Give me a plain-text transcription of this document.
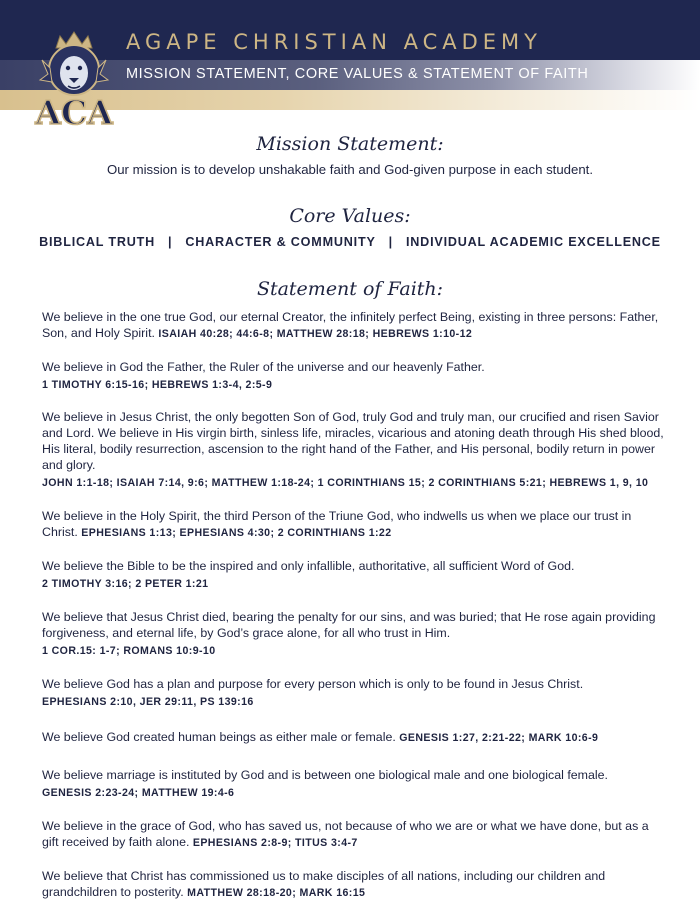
ACA
AGAPE CHRISTIAN ACADEMY
MISSION STATEMENT, CORE VALUES & STATEMENT OF FAITH
Mission Statement:

Our mission is to develop unshakable faith and God-given purpose in each student.

Core Values:
BIBLICAL TRUTH | CHARACTER & COMMUNITY | INDIVIDUAL ACADEMIC EXCELLENCE
Statement of Faith:

We believe in the one true God, our eternal Creator, the infinitely perfect Being, existing in three persons: Father, Son, and Holy Spirit. ISAIAH 40:28; 44:6-8; MATTHEW 28:18; HEBREWS 1:10-12

We believe in God the Father, the Ruler of the universe and our heavenly Father.
1 TIMOTHY 6:15-16; HEBREWS 1:3-4, 2:5-9

We believe in Jesus Christ, the only begotten Son of God, truly God and truly man, our crucified and risen Savior and Lord. We believe in His virgin birth, sinless life, miracles, vicarious and atoning death through His shed blood, His literal, bodily resurrection, ascension to the right hand of the Father, and His personal, bodily return in power and glory.
JOHN 1:1-18; ISAIAH 7:14, 9:6; MATTHEW 1:18-24; 1 CORINTHIANS 15; 2 CORINTHIANS 5:21; HEBREWS 1, 9, 10

We believe in the Holy Spirit, the third Person of the Triune God, who indwells us when we place our trust in Christ. EPHESIANS 1:13; EPHESIANS 4:30; 2 CORINTHIANS 1:22

We believe the Bible to be the inspired and only infallible, authoritative, all sufficient Word of God.
2 TIMOTHY 3:16; 2 PETER 1:21

We believe that Jesus Christ died, bearing the penalty for our sins, and was buried; that He rose again providing forgiveness, and eternal life, by God’s grace alone, for all who trust in Him.
1 COR.15: 1-7; ROMANS 10:9-10

We believe God has a plan and purpose for every person which is only to be found in Jesus Christ.
EPHESIANS 2:10, JER 29:11, PS 139:16

We believe God created human beings as either male or female. GENESIS 1:27, 2:21-22; MARK 10:6-9

We believe marriage is instituted by God and is between one biological male and one biological female.
GENESIS 2:23-24; MATTHEW 19:4-6

We believe in the grace of God, who has saved us, not because of who we are or what we have done, but as a gift received by faith alone. EPHESIANS 2:8-9; TITUS 3:4-7

We believe that Christ has commissioned us to make disciples of all nations, including our children and grandchildren to posterity. MATTHEW 28:18-20; MARK 16:15
